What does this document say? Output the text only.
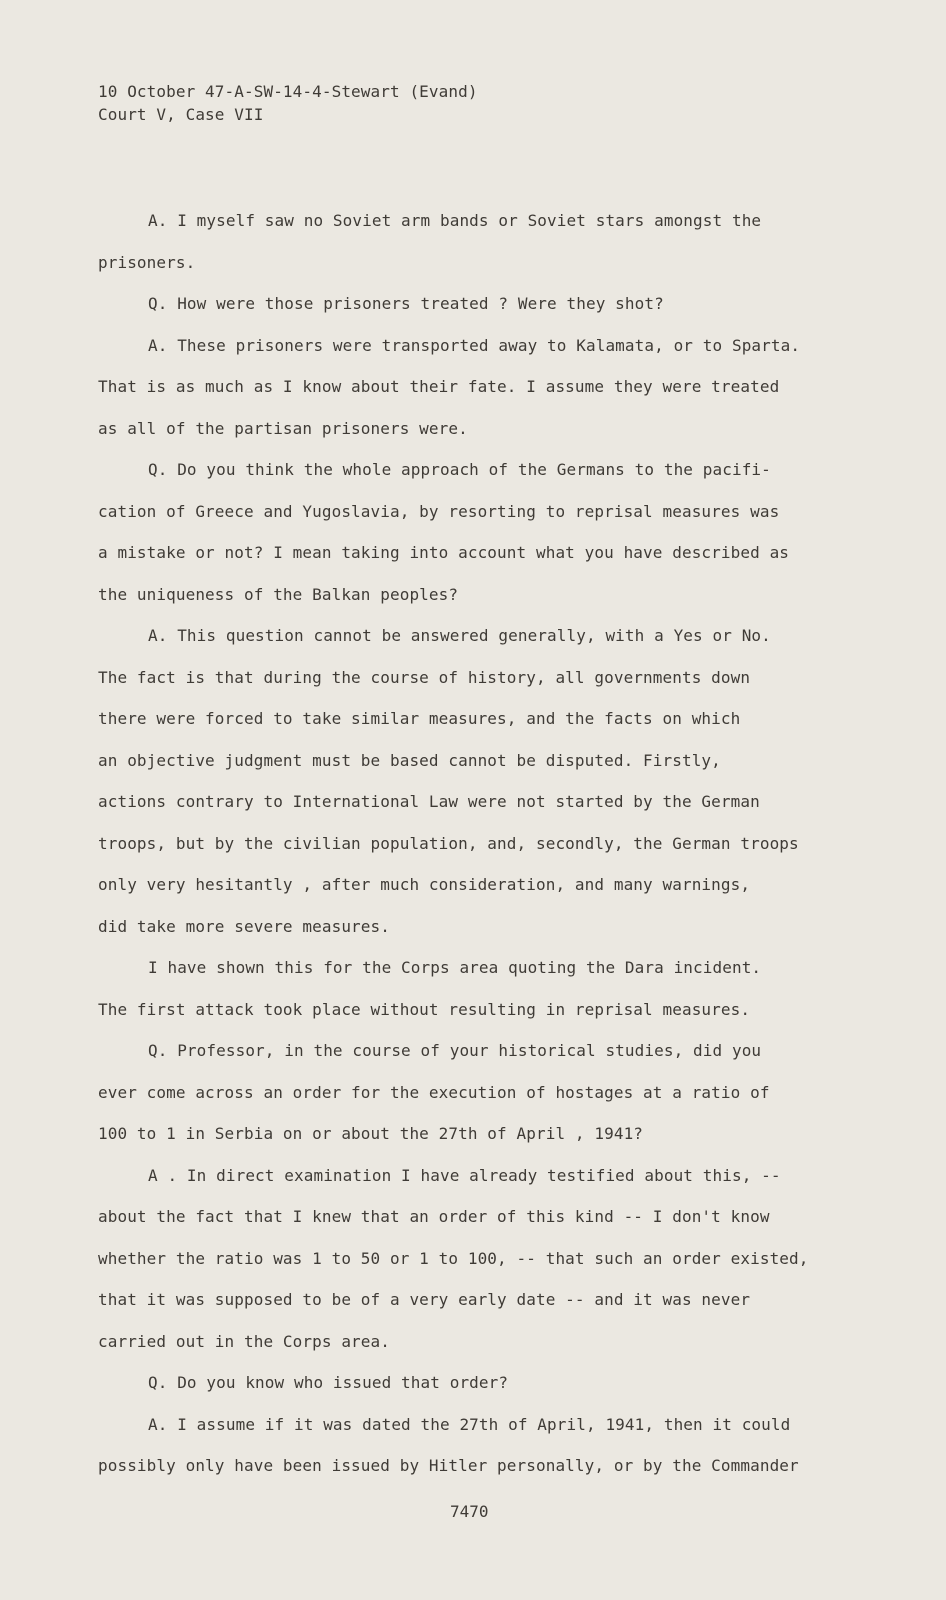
10 October 47-A-SW-14-4-Stewart (Evand)
Court V, Case VII
A. I myself saw no Soviet arm bands or Soviet stars amongst the
prisoners.
Q. How were those prisoners treated ? Were they shot?
A. These prisoners were transported away to Kalamata, or to Sparta.
That is as much as I know about their fate. I assume they were treated
as all of the partisan prisoners were.
Q. Do you think the whole approach of the Germans to the pacifi-
cation of Greece and Yugoslavia, by resorting to reprisal measures was
a mistake or not? I mean taking into account what you have described as
the uniqueness of the Balkan peoples?
A. This question cannot be answered generally, with a Yes or No.
The fact is that during the course of history, all governments down
there were forced to take similar measures, and the facts on which
an objective judgment must be based cannot be disputed. Firstly,
actions contrary to International Law were not started by the German
troops, but by the civilian population, and, secondly, the German troops
only very hesitantly , after much consideration, and many warnings,
did take more severe measures.
I have shown this for the Corps area quoting the Dara incident.
The first attack took place without resulting in reprisal measures.
Q. Professor, in the course of your historical studies, did you
ever come across an order for the execution of hostages at a ratio of
100 to 1 in Serbia on or about the 27th of April , 1941?
A . In direct examination I have already testified about this, --
about the fact that I knew that an order of this kind -- I don't know
whether the ratio was 1 to 50 or 1 to 100, -- that such an order existed,
that it was supposed to be of a very early date -- and it was never
carried out in the Corps area.
Q. Do you know who issued that order?
A. I assume if it was dated the 27th of April, 1941, then it could
possibly only have been issued by Hitler personally, or by the Commander
7470
